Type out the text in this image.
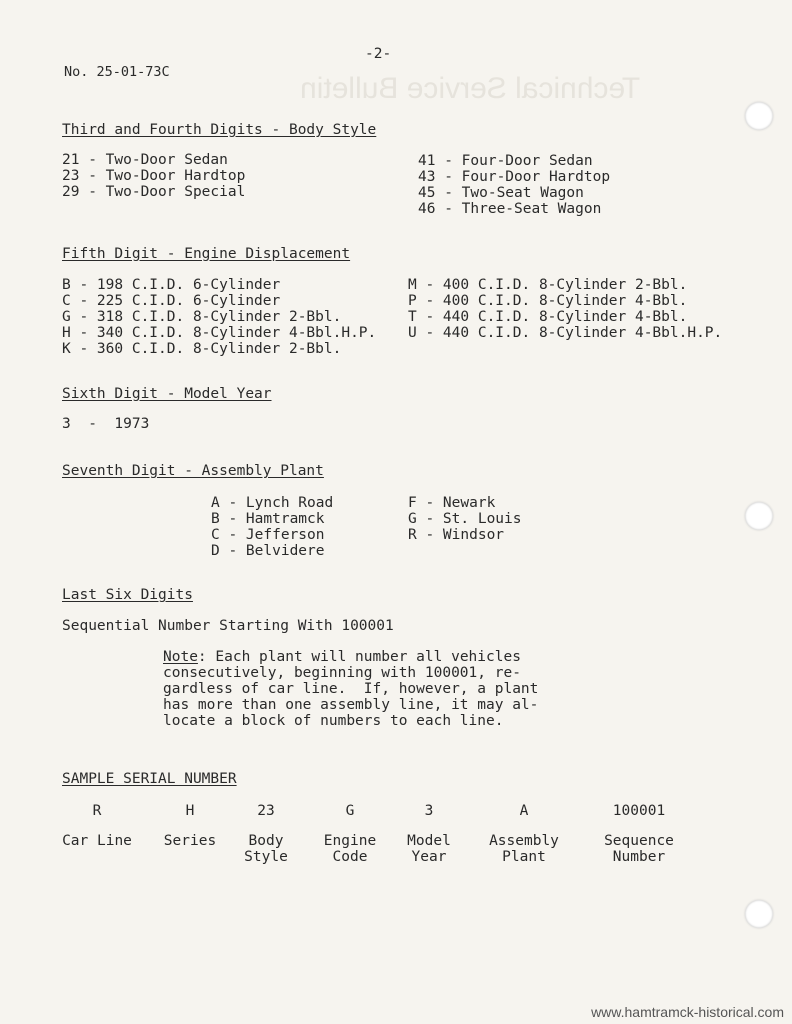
Technical Service Bulletin
-2-
No. 25-01-73C
Third and Fourth Digits - Body Style

21 - Two-Door Sedan

23 - Two-Door Hardtop

29 - Two-Door Special

41 - Four-Door Sedan

43 - Four-Door Hardtop

45 - Two-Seat Wagon

46 - Three-Seat Wagon

Fifth Digit - Engine Displacement

B - 198 C.I.D. 6-Cylinder

C - 225 C.I.D. 6-Cylinder

G - 318 C.I.D. 8-Cylinder 2-Bbl.

H - 340 C.I.D. 8-Cylinder 4-Bbl.H.P.

K - 360 C.I.D. 8-Cylinder 2-Bbl.

M - 400 C.I.D. 8-Cylinder 2-Bbl.

P - 400 C.I.D. 8-Cylinder 4-Bbl.

T - 440 C.I.D. 8-Cylinder 4-Bbl.

U - 440 C.I.D. 8-Cylinder 4-Bbl.H.P.

Sixth Digit - Model Year
3  -  1973
Seventh Digit - Assembly Plant

A - Lynch Road

B - Hamtramck

C - Jefferson

D - Belvidere

F - Newark

G - St. Louis

R - Windsor

Last Six Digits
Sequential Number Starting With 100001

Note: Each plant will number all vehicles

consecutively, beginning with 100001, re-

gardless of car line.  If, however, a plant

has more than one assembly line, it may al-

locate a block of numbers to each line.

SAMPLE SERIAL NUMBER
R
Car Line
H
Series
23
Body
Style
G
Engine
Code
3
Model
Year
A
Assembly
Plant
100001
Sequence
Number
www.hamtramck-historical.com
